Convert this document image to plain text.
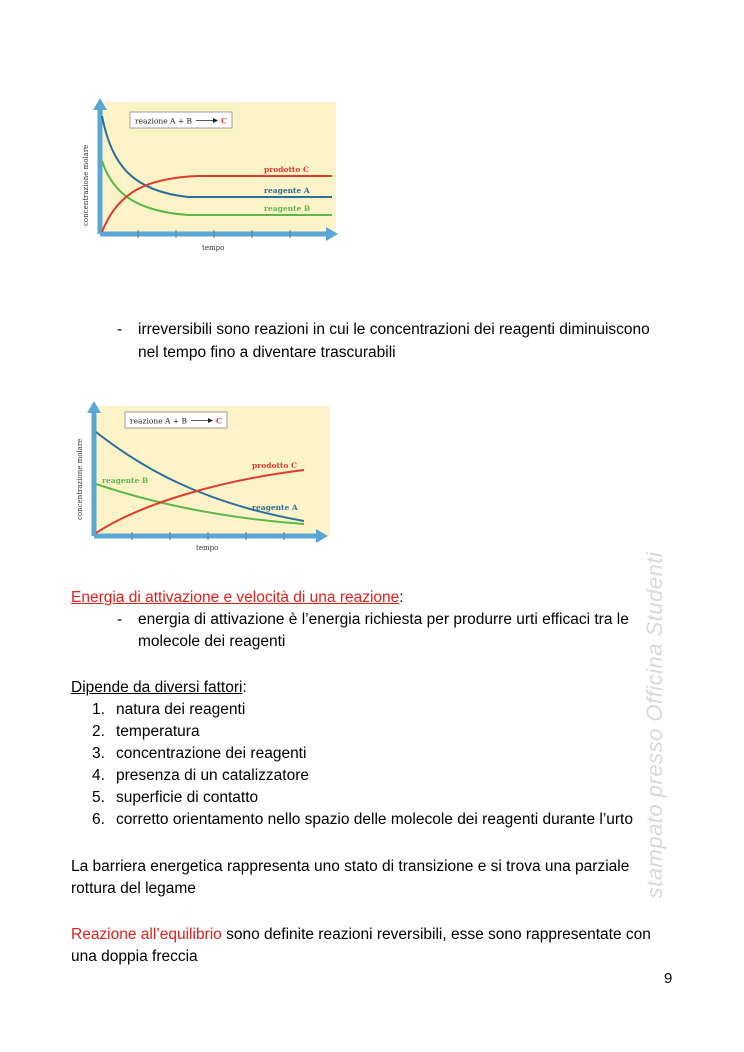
reazione A + B	C
prodotto C
reagente A
reagente B
concentrazione molare
tempo
- irreversibili sono reazioni in cui le concentrazioni dei reagenti diminuiscono
nel tempo fino a diventare trascurabili
reazione A + B	C
prodotto C
reagente B
reagente A
concentrazione molare
tempo
stampato presso Officina Studenti
Energia di attivazione e velocità di una reazione:
- energia di attivazione è l’energia richiesta per produrre urti efficaci tra le
molecole dei reagenti
Dipende da diversi fattori:
1. natura dei reagenti
2. temperatura
3. concentrazione dei reagenti
4. presenza di un catalizzatore
5. superficie di contatto
6. corretto orientamento nello spazio delle molecole dei reagenti durante l’urto
La barriera energetica rappresenta uno stato di transizione e si trova una parziale
rottura del legame
Reazione all’equilibrio sono definite reazioni reversibili, esse sono rappresentate con
una doppia freccia
9
